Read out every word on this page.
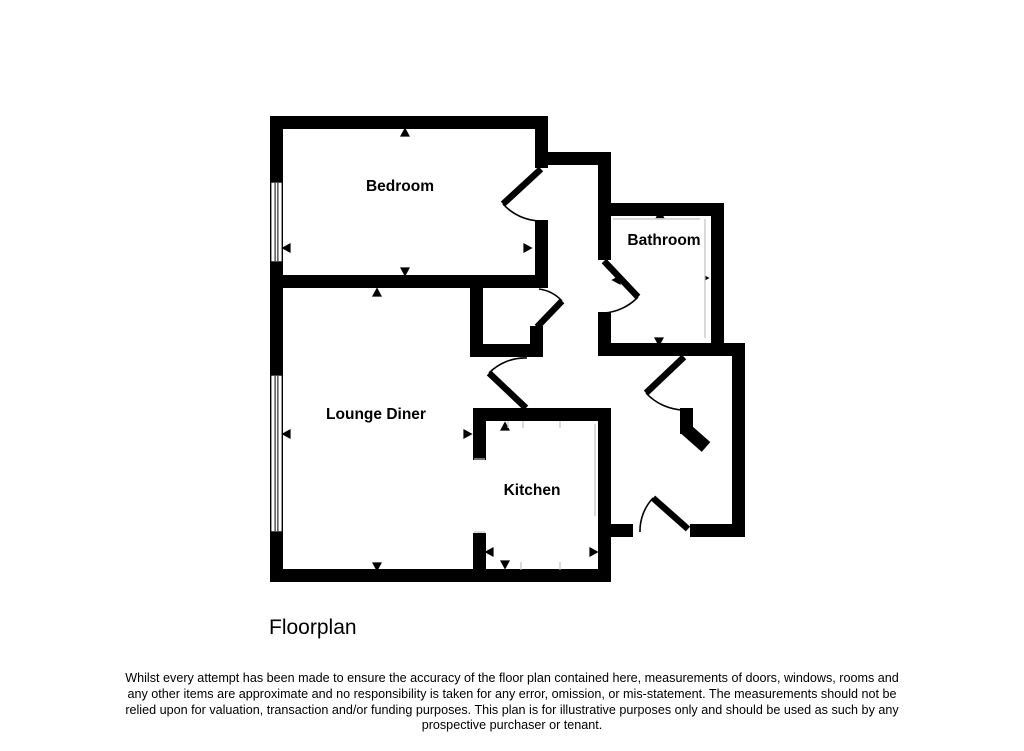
Bedroom
Bathroom
Lounge Diner
Kitchen
Floorplan
Whilst every attempt has been made to ensure the accuracy of the floor plan contained here, measurements of doors, windows, rooms and
any other items are approximate and no responsibility is taken for any error, omission, or mis-statement. The measurements should not be
relied upon for valuation, transaction and/or funding purposes. This plan is for illustrative purposes only and should be used as such by any
prospective purchaser or tenant.
